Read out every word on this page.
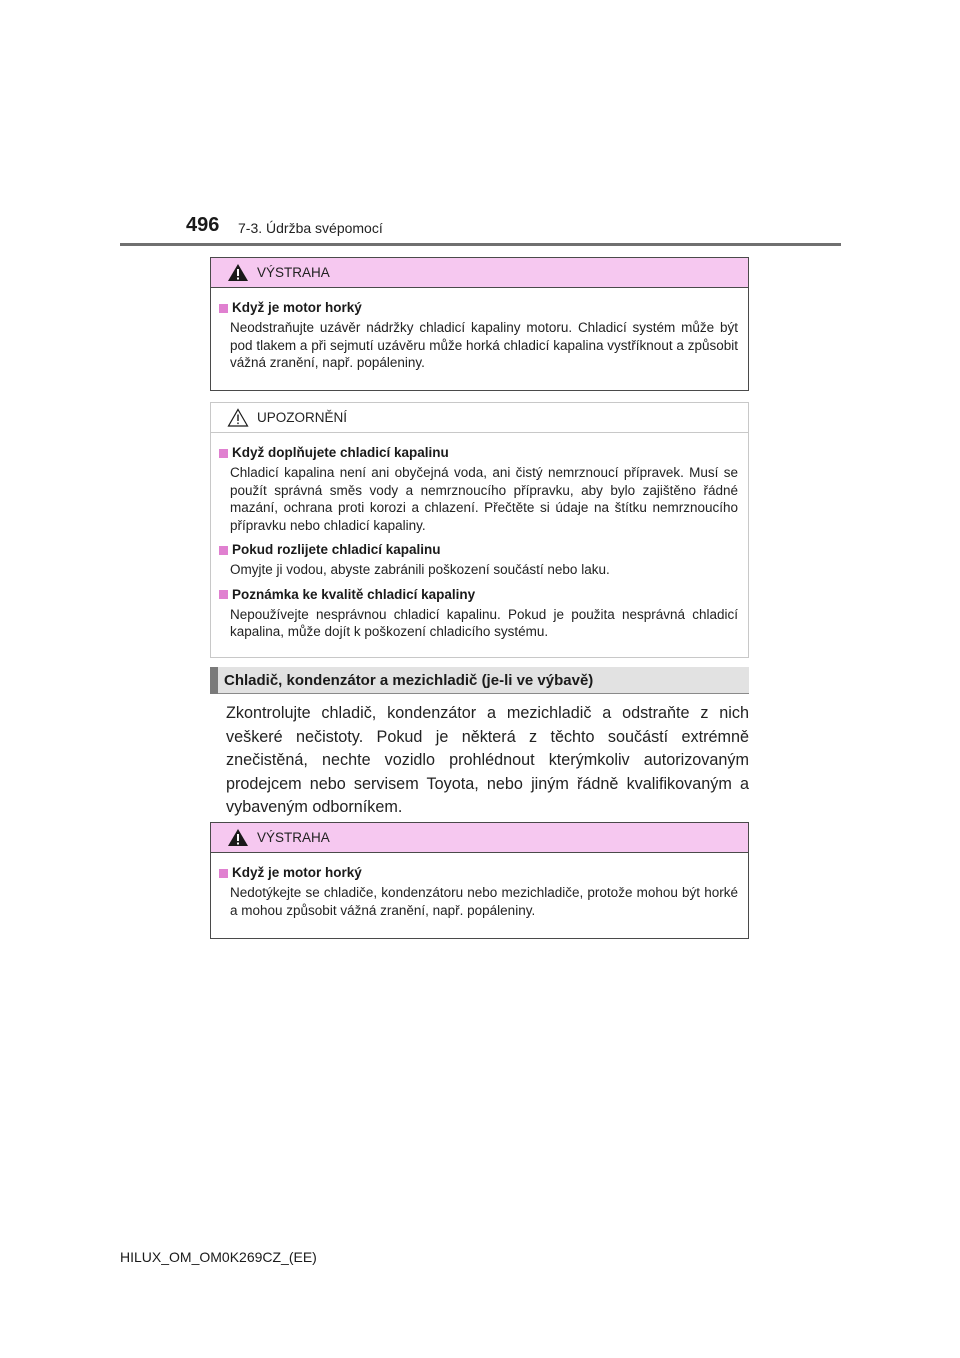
496 7-3. Údržba svépomocí
VÝSTRAHA
Když je motor horký
Neodstraňujte uzávěr nádržky chladicí kapaliny motoru. Chladicí systém může být pod tlakem a při sejmutí uzávěru může horká chladicí kapalina vystříknout a způsobit vážná zranění, např. popáleniny.
UPOZORNĚNÍ
Když doplňujete chladicí kapalinu
Chladicí kapalina není ani obyčejná voda, ani čistý nemrznoucí přípravek. Musí se použít správná směs vody a nemrznoucího přípravku, aby bylo zajištěno řádné mazání, ochrana proti korozi a chlazení. Přečtěte si údaje na štítku nemrznoucího přípravku nebo chladicí kapaliny.
Pokud rozlijete chladicí kapalinu
Omyjte ji vodou, abyste zabránili poškození součástí nebo laku.
Poznámka ke kvalitě chladicí kapaliny
Nepoužívejte nesprávnou chladicí kapalinu. Pokud je použita nesprávná chladicí kapalina, může dojít k poškození chladicího systému.
Chladič, kondenzátor a mezichladič (je-li ve výbavě)
Zkontrolujte chladič, kondenzátor a mezichladič a odstraňte z nich veškeré nečistoty. Pokud je některá z těchto součástí extrémně znečistěná, nechte vozidlo prohlédnout kterýmkoliv autorizovaným prodejcem nebo servisem Toyota, nebo jiným řádně kvalifikovaným a vybaveným odborníkem.
VÝSTRAHA
Když je motor horký
Nedotýkejte se chladiče, kondenzátoru nebo mezichladiče, protože mohou být horké a mohou způsobit vážná zranění, např. popáleniny.
HILUX_OM_OM0K269CZ_(EE)
